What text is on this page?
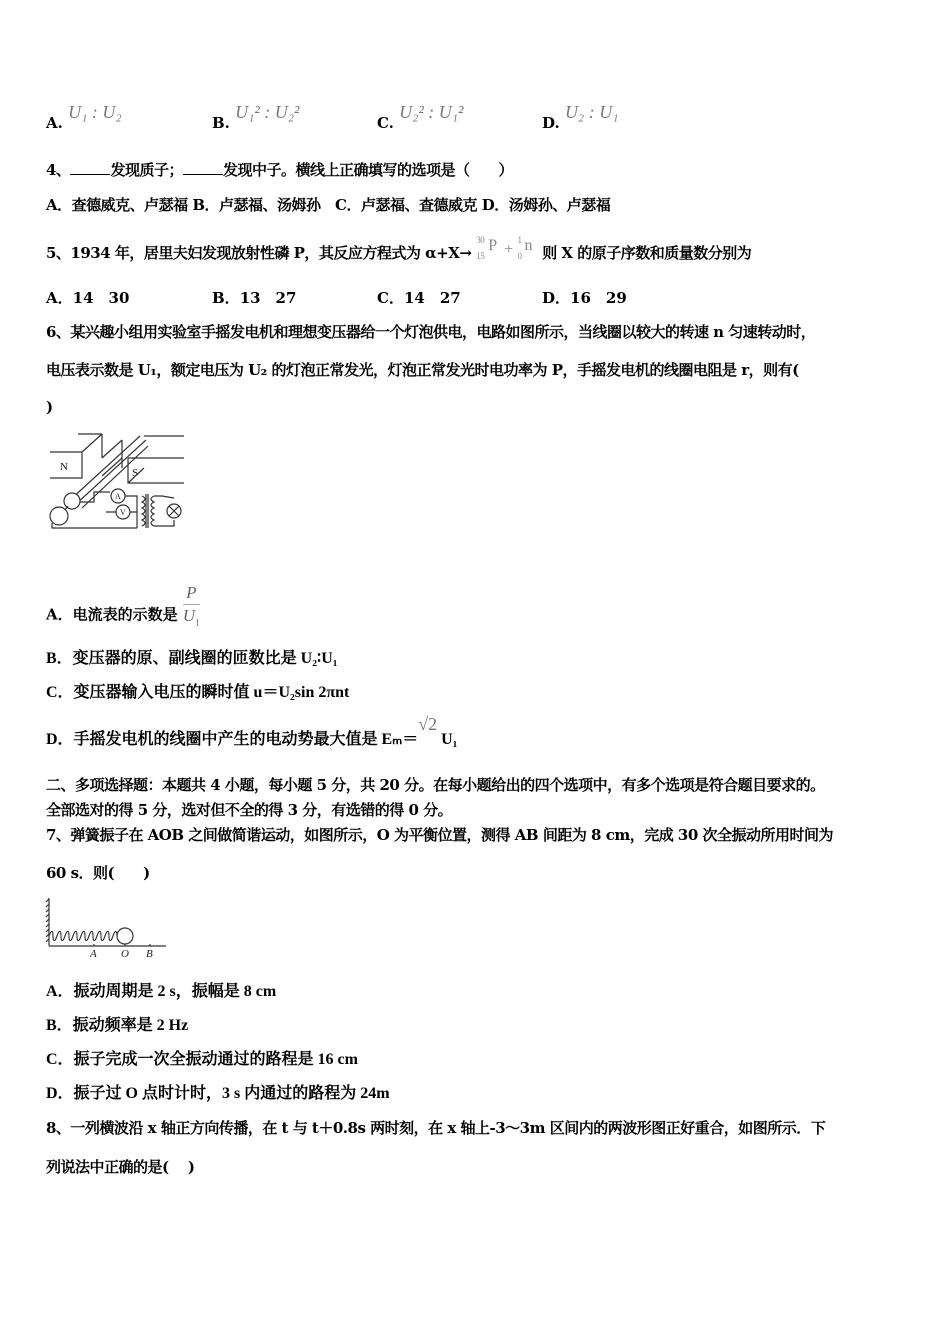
A. U₁ : U₂
B. U₁² : U₂²
C. U₂² : U₁²
D. U₂ : U₁
4、	发现质子；	发现中子。横线上正确填写的选项是（　　）
A．查德威克、卢瑟福 B．卢瑟福、汤姆孙　C．卢瑟福、查德威克 D．汤姆孙、卢瑟福
5、1934 年，居里夫妇发现放射性磷 P，其反应方程式为 α+X→
30
15
P +
1
0
n 则 X 的原子序数和质量数分别为
A．14　30	B．13　27	C．14　27	D．16　29
6、某兴趣小组用实验室手摇发电机和理想变压器给一个灯泡供电，电路如图所示，当线圈以较大的转速 n 匀速转动时，
电压表示数是 U₁，额定电压为 U₂ 的灯泡正常发光，灯泡正常发光时电功率为 P，手摇发电机的线圈电阻是 r，则有(
)
N	S
A
V
A．电流表的示数是 $\frac{P}{U_1}$
B．变压器的原、副线圈的匝数比是 U₂∶U₁
C．变压器输入电压的瞬时值 u＝U₂sin 2πnt
D．手摇发电机的线圈中产生的电动势最大值是 Eₘ＝√2 U₁
二、多项选择题：本题共 4 小题，每小题 5 分，共 20 分。在每小题给出的四个选项中，有多个选项是符合题目要求的。
全部选对的得 5 分，选对但不全的得 3 分，有选错的得 0 分。
7、弹簧振子在 AOB 之间做简谐运动，如图所示，O 为平衡位置，测得 AB 间距为 8 cm，完成 30 次全振动所用时间为
60 s．则(　　)
A O B
A．振动周期是 2 s，振幅是 8 cm
B．振动频率是 2 Hz
C．振子完成一次全振动通过的路程是 16 cm
D．振子过 O 点时计时，3 s 内通过的路程为 24m
8、一列横波沿 x 轴正方向传播，在 t 与 t＋0.8s 两时刻，在 x 轴上-3～3m 区间内的两波形图正好重合，如图所示．下
列说法中正确的是(　 )
